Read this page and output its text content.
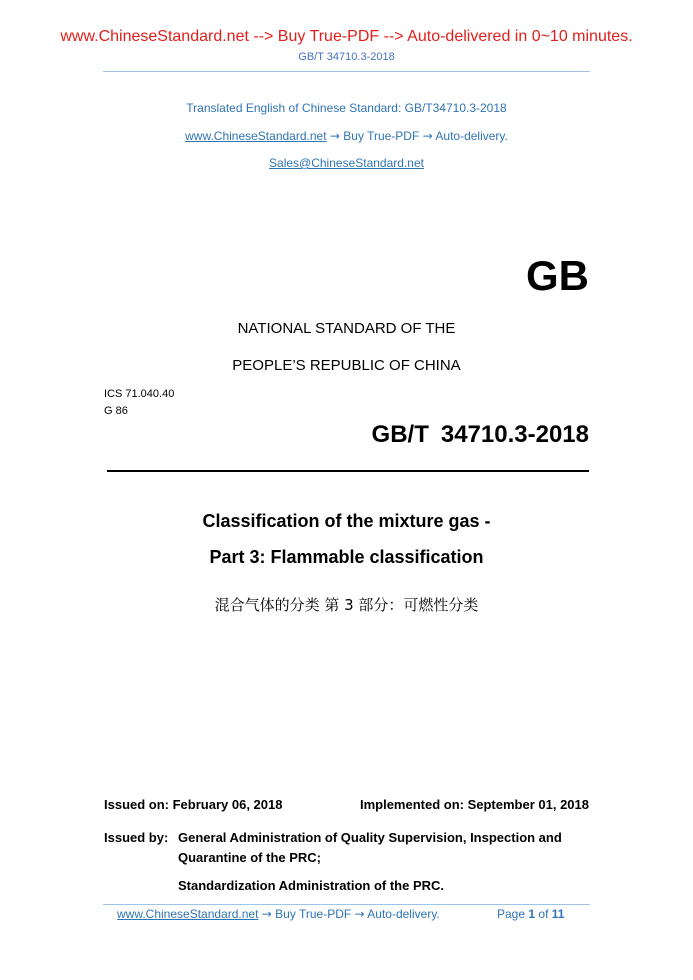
www.ChineseStandard.net --> Buy True-PDF --> Auto-delivered in 0~10 minutes.
GB/T 34710.3-2018
Translated English of Chinese Standard: GB/T34710.3-2018
www.ChineseStandard.net → Buy True-PDF → Auto-delivery.
Sales@ChineseStandard.net
GB
NATIONAL STANDARD OF THE
PEOPLE’S REPUBLIC OF CHINA
ICS 71.040.40
G 86
GB/T 34710.3-2018
Classification of the mixture gas -
Part 3: Flammable classification
混合气体的分类 第 3 部分：可燃性分类
Issued on: February 06, 2018	Implemented on: September 01, 2018
Issued by: General Administration of Quality Supervision, Inspection and
Quarantine of the PRC;
Standardization Administration of the PRC.
www.ChineseStandard.net → Buy True-PDF → Auto-delivery.	Page 1 of 11
